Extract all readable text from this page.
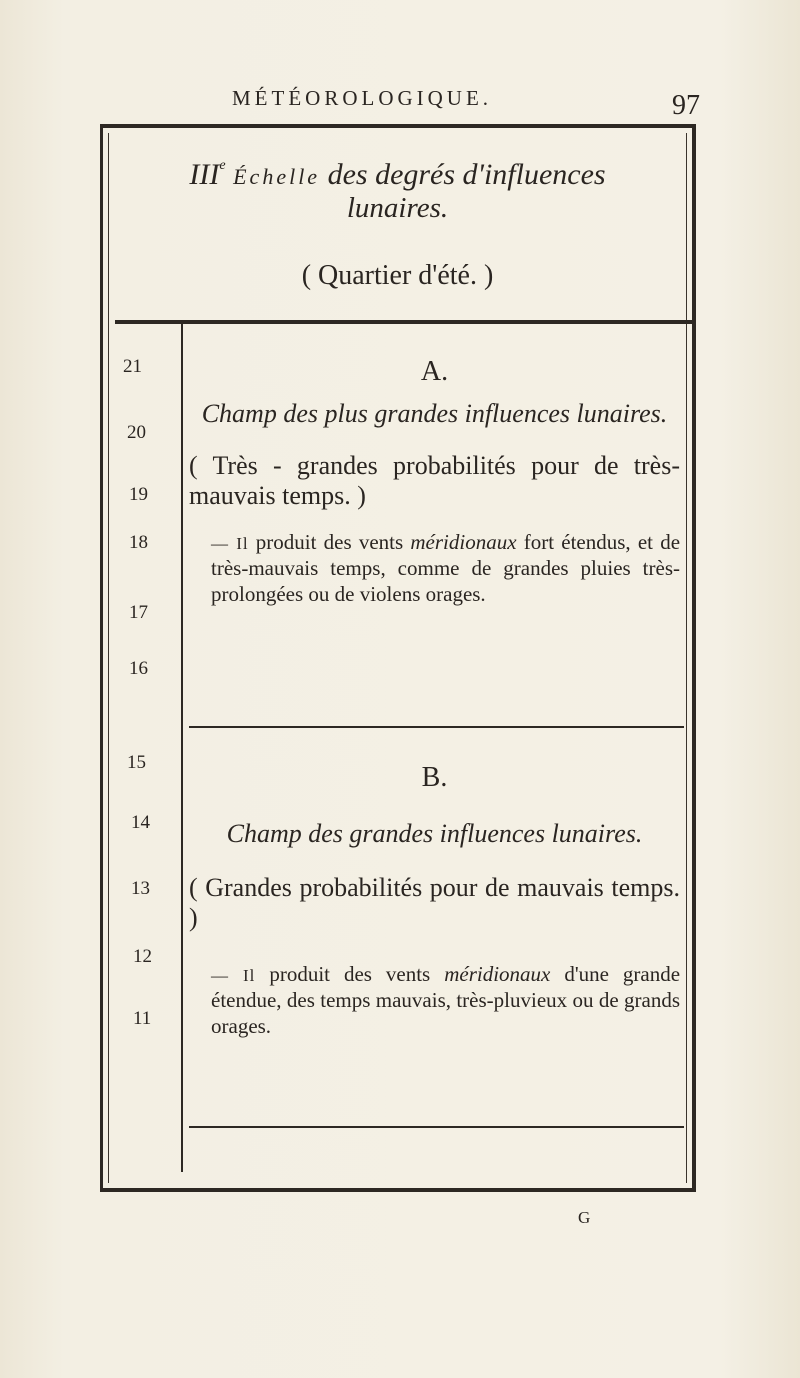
MÉTÉOROLOGIQUE.	97
IIIe Échelle des degrés d'influences
lunaires.
( Quartier d'été. )
21
20
19
18
17
16
15
14
13
12
11
A.
Champ des plus grandes influences lunaires.
( Très - grandes probabilités pour de très-mauvais temps. )
— Il produit des vents méridionaux fort étendus, et de très-mauvais temps, comme de grandes pluies très-prolongées ou de violens orages.
B.
Champ des grandes influences lunaires.
( Grandes probabilités pour de mauvais temps. )
— Il produit des vents méridionaux d'une grande étendue, des temps mauvais, très-pluvieux ou de grands orages.
G
